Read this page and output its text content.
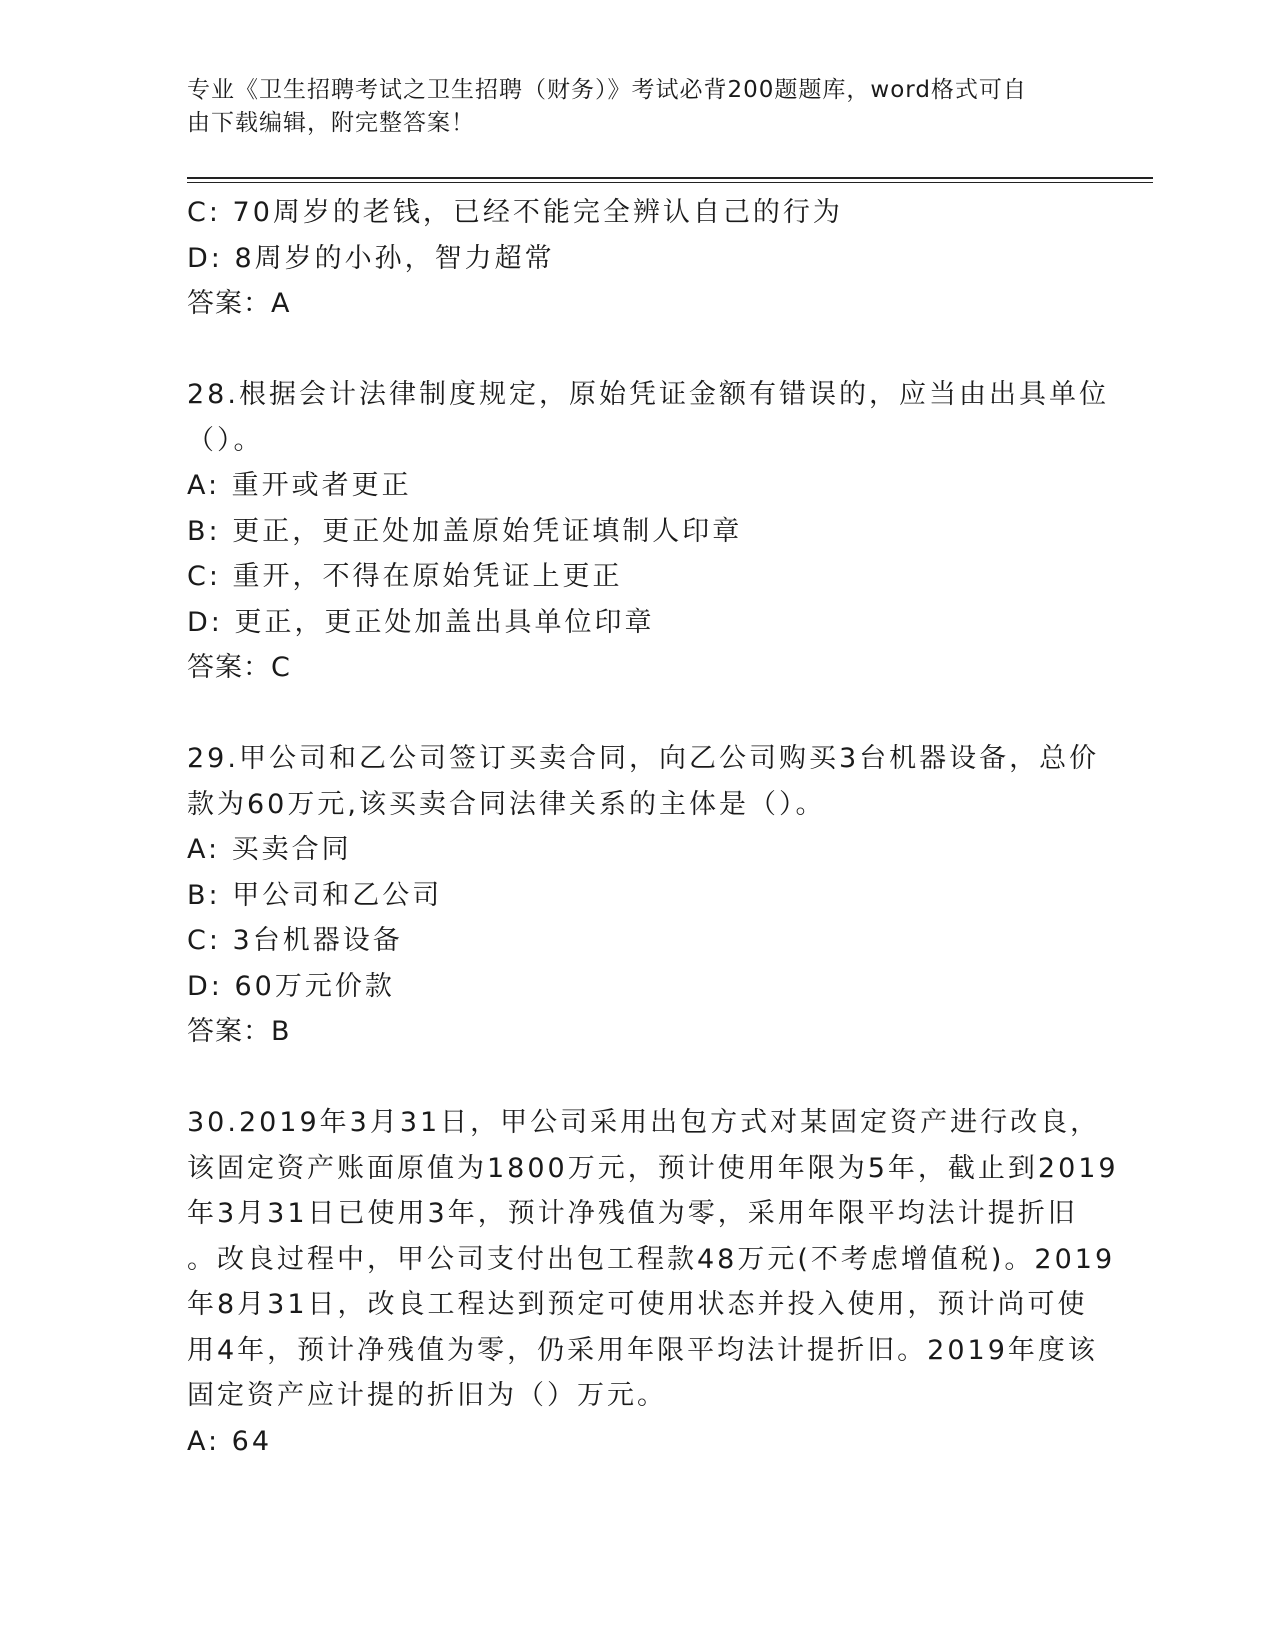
专业《卫生招聘考试之卫生招聘（财务）》考试必背200题题库，word格式可自
由下载编辑，附完整答案！
C: 70周岁的老钱，已经不能完全辨认自己的行为
D: 8周岁的小孙，智力超常
答案：A
28.根据会计法律制度规定，原始凭证金额有错误的，应当由出具单位
（）。
A: 重开或者更正
B: 更正，更正处加盖原始凭证填制人印章
C: 重开，不得在原始凭证上更正
D: 更正，更正处加盖出具单位印章
答案：C
29.甲公司和乙公司签订买卖合同，向乙公司购买3台机器设备，总价
款为60万元,该买卖合同法律关系的主体是（）。
A: 买卖合同
B: 甲公司和乙公司
C: 3台机器设备
D: 60万元价款
答案：B
30.2019年3月31日，甲公司采用出包方式对某固定资产进行改良，
该固定资产账面原值为1800万元，预计使用年限为5年，截止到2019
年3月31日已使用3年，预计净残值为零，采用年限平均法计提折旧
。改良过程中，甲公司支付出包工程款48万元(不考虑增值税)。2019
年8月31日，改良工程达到预定可使用状态并投入使用，预计尚可使
用4年，预计净残值为零，仍采用年限平均法计提折旧。2019年度该
固定资产应计提的折旧为（）万元。
A: 64
